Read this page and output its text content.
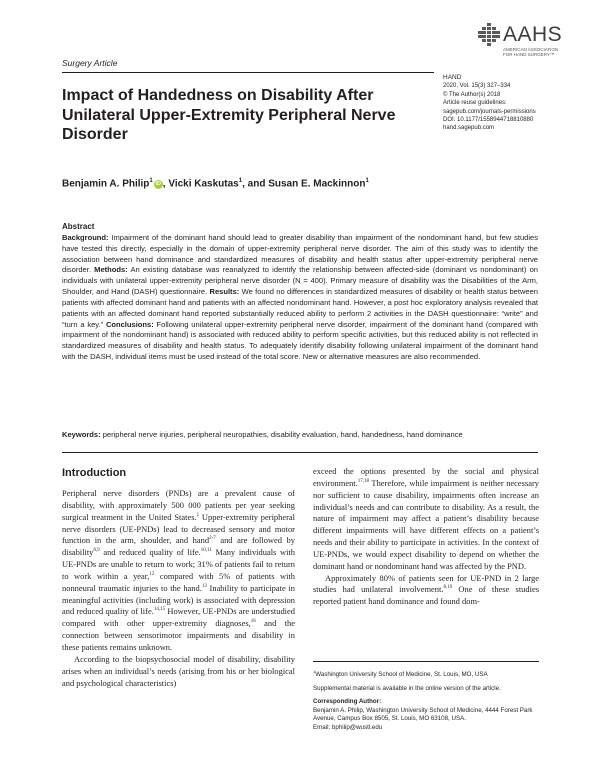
AAHS
AMERICAN ASSOCIATION FOR HAND SURGERY™
Surgery Article
HAND
2020, Vol. 15(3) 327–334
© The Author(s) 2018
Article reuse guidelines:
sagepub.com/journals-permissions
DOI: 10.1177/1558944718810880
hand.sagepub.com
Impact of Handedness on Disability After Unilateral Upper-Extremity Peripheral Nerve Disorder
Benjamin A. Philip$^1$iD , Vicki Kaskutas$^1$, and Susan E. Mackinnon$^1$
Abstract
Background: Impairment of the dominant hand should lead to greater disability than impairment of the nondominant hand, but few studies have tested this directly, especially in the domain of upper-extremity peripheral nerve disorder. The aim of this study was to identify the association between hand dominance and standardized measures of disability and health status after upper-extremity peripheral nerve disorder. Methods: An existing database was reanalyzed to identify the relationship between affected-side (dominant vs nondominant) on individuals with unilateral upper-extremity peripheral nerve disorder (N = 400). Primary measure of disability was the Disabilities of the Arm, Shoulder, and Hand (DASH) questionnaire. Results: We found no differences in standardized measures of disability or health status between patients with affected dominant hand and patients with an affected nondominant hand. However, a post hoc exploratory analysis revealed that patients with an affected dominant hand reported substantially reduced ability to perform 2 activities in the DASH questionnaire: “write” and “turn a key.” Conclusions: Following unilateral upper-extremity peripheral nerve disorder, impairment of the dominant hand (compared with impairment of the nondominant hand) is associated with reduced ability to perform specific activities, but this reduced ability is not reflected in standardized measures of disability and health status. To adequately identify disability following unilateral impairment of the dominant hand with the DASH, individual items must be used instead of the total score. New or alternative measures are also recommended.
Keywords: peripheral nerve injuries, peripheral neuropathies, disability evaluation, hand, handedness, hand dominance
Introduction

Peripheral nerve disorders (PNDs) are a prevalent cause of disability, with approximately 500 000 patients per year seeking surgical treatment in the United States.$^1$ Upper-extremity peripheral nerve disorders (UE-PNDs) lead to decreased sensory and motor function in the arm, shoulder, and hand$^{2-7}$ and are followed by disability$^{8,9}$ and reduced quality of life.$^{10,11}$ Many individuals with UE-PNDs are unable to return to work; 31% of patients fail to return to work within a year,$^{12}$ compared with 5% of patients with nonneural traumatic injuries to the hand.$^{13}$ Inability to participate in meaningful activities (including work) is associated with depression and reduced quality of life.$^{14,15}$ However, UE-PNDs are understudied compared with other upper-extremity diagnoses,$^{16}$ and the connection between sensorimotor impairments and disability in these patients remains unknown.

According to the biopsychosocial model of disability, disability arises when an individual’s needs (arising from his or her biological and psychological characteristics)

exceed the options presented by the social and physical environment.$^{17,18}$ Therefore, while impairment is neither necessary nor sufficient to cause disability, impairments often increase an individual’s needs and can contribute to disability. As a result, the nature of impairment may affect a patient’s disability because different impairments will have different effects on a patient’s needs and their ability to participate in activities. In the context of UE-PNDs, we would expect disability to depend on whether the dominant hand or nondominant hand was affected by the PND.

Approximately 80% of patients seen for UE-PND in 2 large studies had unilateral involvement.$^{8,19}$ One of these studies reported patient hand dominance and found dom-

$^1$Washington University School of Medicine, St. Louis, MO, USA
Supplemental material is available in the online version of the article.
Corresponding Author:
Benjamin A. Philip, Washington University School of Medicine, 4444 Forest Park Avenue, Campus Box 8505, St. Louis, MO 63108, USA.
Email: bphilip@wustl.edu
